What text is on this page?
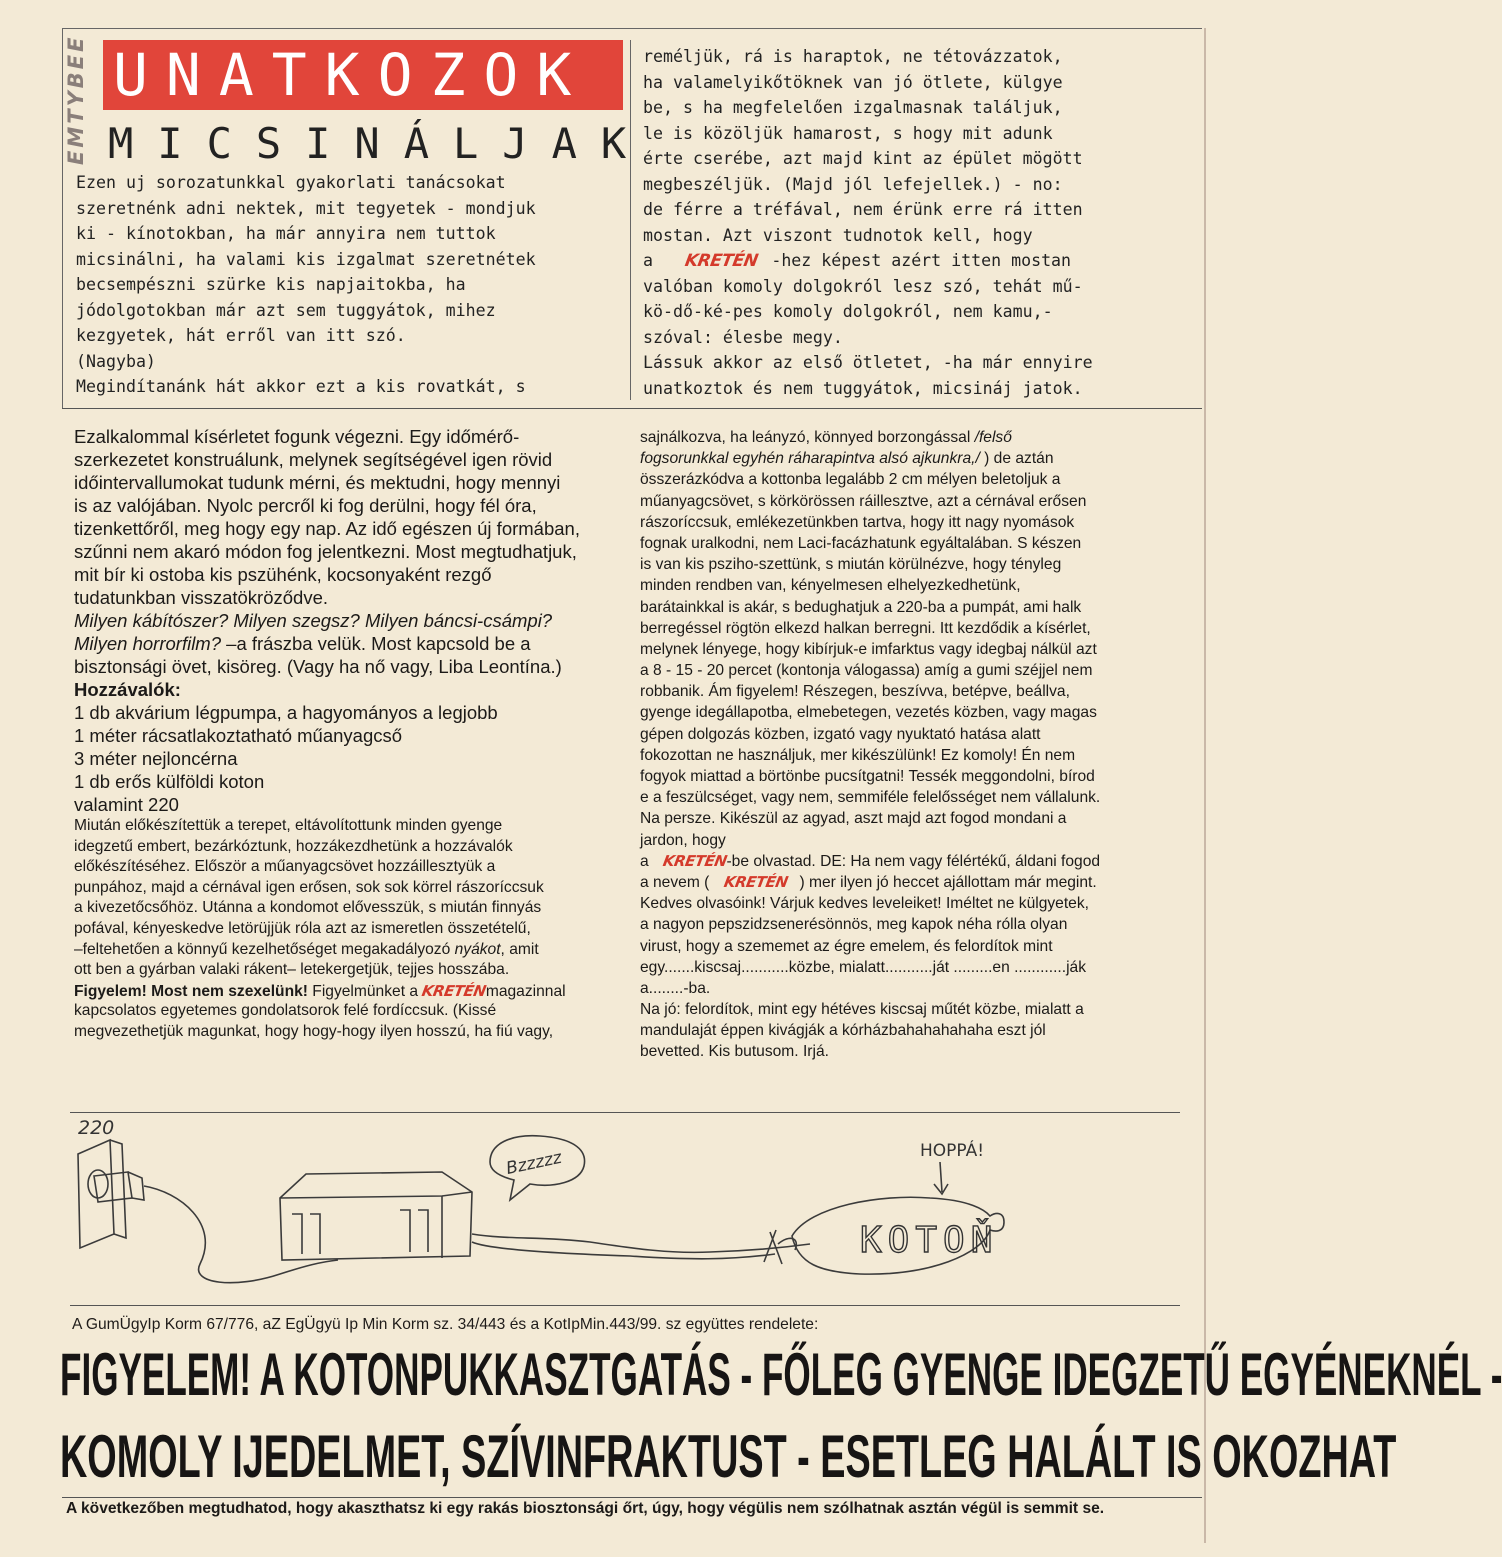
EMTYBEE UNATKOZOK
MICSINÁLJAK
Ezen uj sorozatunkkal gyakorlati tanácsokat
szeretnénk adni nektek, mit tegyetek - mondjuk
ki - kínotokban, ha már annyira nem tuttok
micsinálni, ha valami kis izgalmat szeretnétek
becsempészni szürke kis napjaitokba, ha
jódolgotokban már azt sem tuggyátok, mihez
kezgyetek, hát erről van itt szó.
(Nagyba)
Megindítanánk hát akkor ezt a kis rovatkát, s
reméljük, rá is haraptok, ne tétovázzatok,
ha valamelyikőtöknek van jó ötlete, külgye
be, s ha megfelelően izgalmasnak találjuk,
le is közöljük hamarost, s hogy mit adunk
érte cserébe, azt majd kint az épület mögött
megbeszéljük. (Majd jól lefejellek.) - no:
de férre a tréfával, nem érünk erre rá itten
mostan. Azt viszont tudnotok kell, hogy
a KRETÉN -hez képest azért itten mostan
valóban komoly dolgokról lesz szó, tehát mű-
kö-dő-ké-pes komoly dolgokról, nem kamu,-
szóval: élesbe megy.
Lássuk akkor az első ötletet, -ha már ennyire
unatkoztok és nem tuggyátok, micsináj jatok.
Ezalkalommal kísérletet fogunk végezni. Egy időmérő-
szerkezetet konstruálunk, melynek segítségével igen rövid
időintervallumokat tudunk mérni, és mektudni, hogy mennyi
is az valójában. Nyolc percről ki fog derülni, hogy fél óra,
tizenkettőről, meg hogy egy nap. Az idő egészen új formában,
szűnni nem akaró módon fog jelentkezni. Most megtudhatjuk,
mit bír ki ostoba kis pszühénk, kocsonyaként rezgő
tudatunkban visszatökröződve.
Milyen kábítószer? Milyen szegsz? Milyen báncsi-csámpi?
Milyen horrorfilm? –a frászba velük. Most kapcsold be a
bisztonsági övet, kisöreg. (Vagy ha nő vagy, Liba Leontína.)
Hozzávalók:
1 db akvárium légpumpa, a hagyományos a legjobb
1 méter rácsatlakoztatható műanyagcső
3 méter nejloncérna
1 db erős külföldi koton
valamint 220
Miután előkészítettük a terepet, eltávolítottunk minden gyenge
idegzetű embert, bezárkóztunk, hozzákezdhetünk a hozzávalók
előkészítéséhez. Először a műanyagcsövet hozzáillesztyük a
punpához, majd a cérnával igen erősen, sok sok körrel rászoríccsuk
a kivezetőcsőhöz. Utánna a kondomot elővesszük, s miután finnyás
pofával, kényeskedve letörüjjük róla azt az ismeretlen összetételű,
–feltehetően a könnyű kezelhetőséget megakadályozó nyákot, amit
ott ben a gyárban valaki rákent– letekergetjük, tejjes hosszába.
Figyelem! Most nem szexelünk! Figyelmünket a KRETÉNmagazinnal
kapcsolatos egyetemes gondolatsorok felé fordíccsuk. (Kissé
megvezethetjük magunkat, hogy hogy-hogy ilyen hosszú, ha fiú vagy,
sajnálkozva, ha leányzó, könnyed borzongással /felső
fogsorunkkal egyhén ráharapintva alsó ajkunkra,/ ) de aztán
összerázkódva a kottonba legalább 2 cm mélyen beletoljuk a
műanyagcsövet, s körkörössen ráillesztve, azt a cérnával erősen
rászoríccsuk, emlékezetünkben tartva, hogy itt nagy nyomások
fognak uralkodni, nem Laci-facázhatunk egyáltalában. S készen
is van kis psziho-szettünk, s miután körülnézve, hogy tényleg
minden rendben van, kényelmesen elhelyezkedhetünk,
barátainkkal is akár, s bedughatjuk a 220-ba a pumpát, ami halk
berregéssel rögtön elkezd halkan berregni. Itt kezdődik a kísérlet,
melynek lényege, hogy kibírjuk-e imfarktus vagy idegbaj nálkül azt
a 8 - 15 - 20 percet (kontonja válogassa) amíg a gumi széjjel nem
robbanik. Ám figyelem! Részegen, beszívva, betépve, beállva,
gyenge idegállapotba, elmebetegen, vezetés közben, vagy magas
gépen dolgozás közben, izgató vagy nyuktató hatása alatt
fokozottan ne használjuk, mer kikészülünk! Ez komoly! Én nem
fogyok miattad a börtönbe pucsítgatni! Tessék meggondolni, bírod
e a feszülcséget, vagy nem, semmiféle felelősséget nem vállalunk.
Na persze. Kikészül az agyad, aszt majd azt fogod mondani a
jardon, hogy
a KRETÉN-be olvastad. DE: Ha nem vagy félértékű, áldani fogod
a nevem ( KRETÉN ) mer ilyen jó heccet ajállottam már megint.
Kedves olvasóink! Várjuk kedves leveleiket! Iméltet ne külgyetek,
a nagyon pepszidzsenerésönnös, meg kapok néha rólla olyan
virust, hogy a szememet az égre emelem, és felordítok mint
egy.......kiscsaj...........közbe, mialatt...........ját .........en ............ják
a........-ba.
Na jó: felordítok, mint egy hétéves kiscsaj műtét közbe, mialatt a
mandulaját éppen kivágják a kórházbahahahahaha eszt jól
bevetted. Kis butusom. Irjá.
220
Bzzzzz	HOPPÁ!
KOTOŇ
A GumÜgyIp Korm 67/776, aZ EgÜgyü Ip Min Korm sz. 34/443 és a KotIpMin.443/99. sz együttes rendelete:
FIGYELEM! A KOTONPUKKASZTGATÁS - FŐLEG GYENGE IDEGZETŰ EGYÉNEKNÉL -
KOMOLY IJEDELMET, SZÍVINFRAKTUST - ESETLEG HALÁLT IS OKOZHAT
A következőben megtudhatod, hogy akaszthatsz ki egy rakás biosztonsági őrt, úgy, hogy végülis nem szólhatnak asztán végül is semmit se.
